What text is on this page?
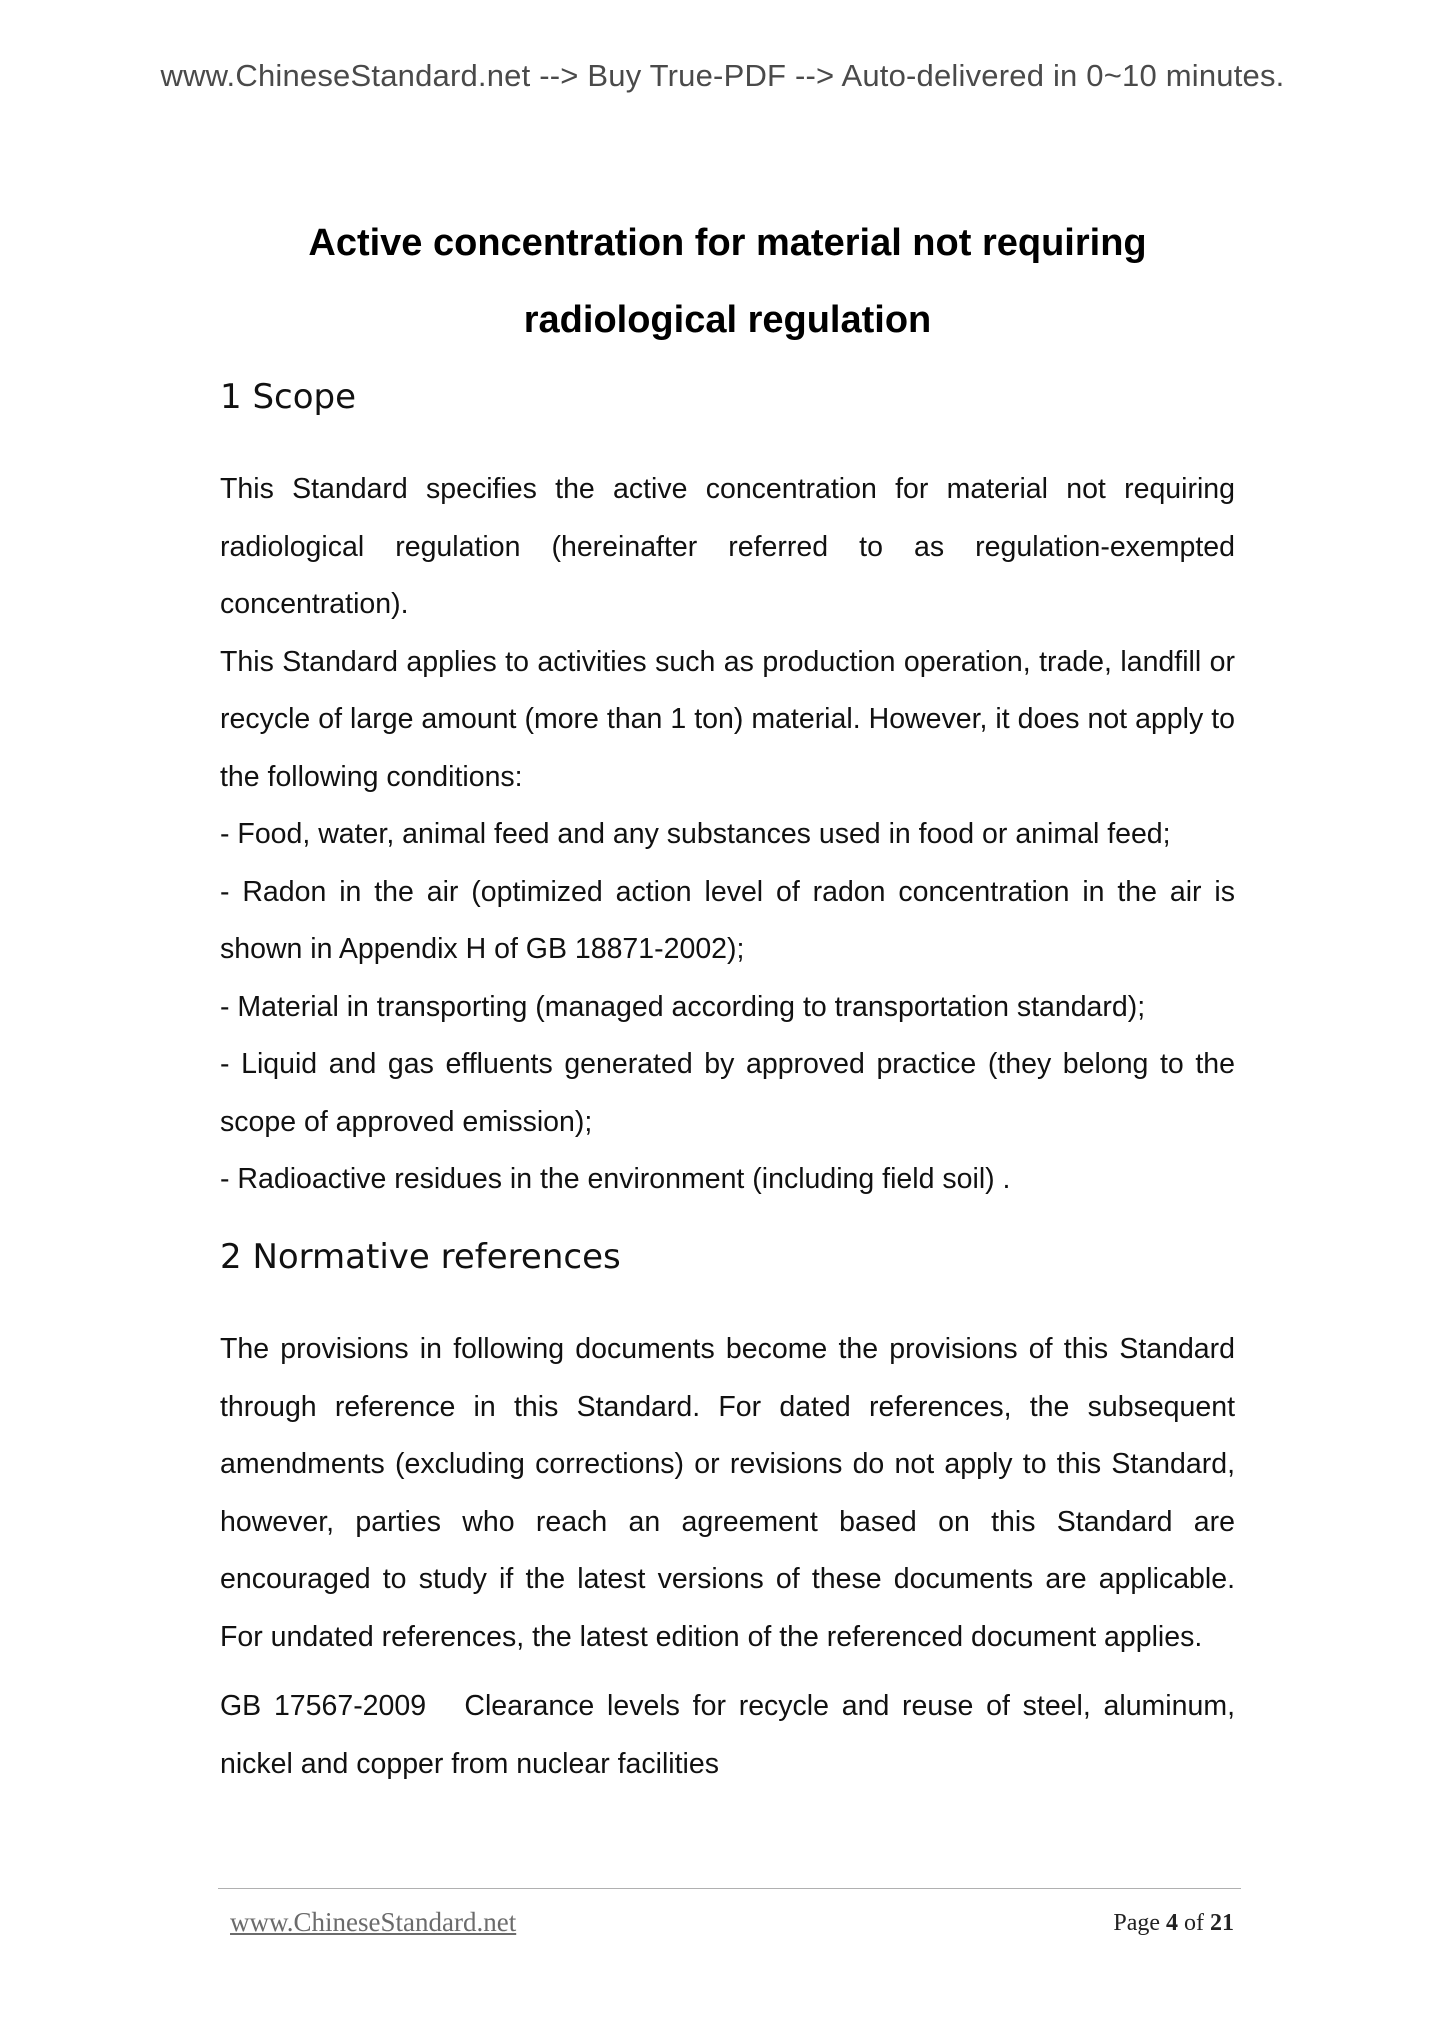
www.ChineseStandard.net --> Buy True-PDF --> Auto-delivered in 0~10 minutes.
Active concentration for material not requiring
radiological regulation
1 Scope

This Standard specifies the active concentration for material not requiring radiological regulation (hereinafter referred to as regulation-exempted concentration).

This Standard applies to activities such as production operation, trade, landfill or recycle of large amount (more than 1 ton) material. However, it does not apply to the following conditions:

- Food, water, animal feed and any substances used in food or animal feed;

- Radon in the air (optimized action level of radon concentration in the air is shown in Appendix H of GB 18871-2002);

- Material in transporting (managed according to transportation standard);

- Liquid and gas effluents generated by approved practice (they belong to the scope of approved emission);

- Radioactive residues in the environment (including field soil) .

2 Normative references

The provisions in following documents become the provisions of this Standard through reference in this Standard. For dated references, the subsequent amendments (excluding corrections) or revisions do not apply to this Standard, however, parties who reach an agreement based on this Standard are encouraged to study if the latest versions of these documents are applicable. For undated references, the latest edition of the referenced document applies.

GB 17567-2009   Clearance levels for recycle and reuse of steel, aluminum, nickel and copper from nuclear facilities

www.ChineseStandard.net	Page 4 of 21
